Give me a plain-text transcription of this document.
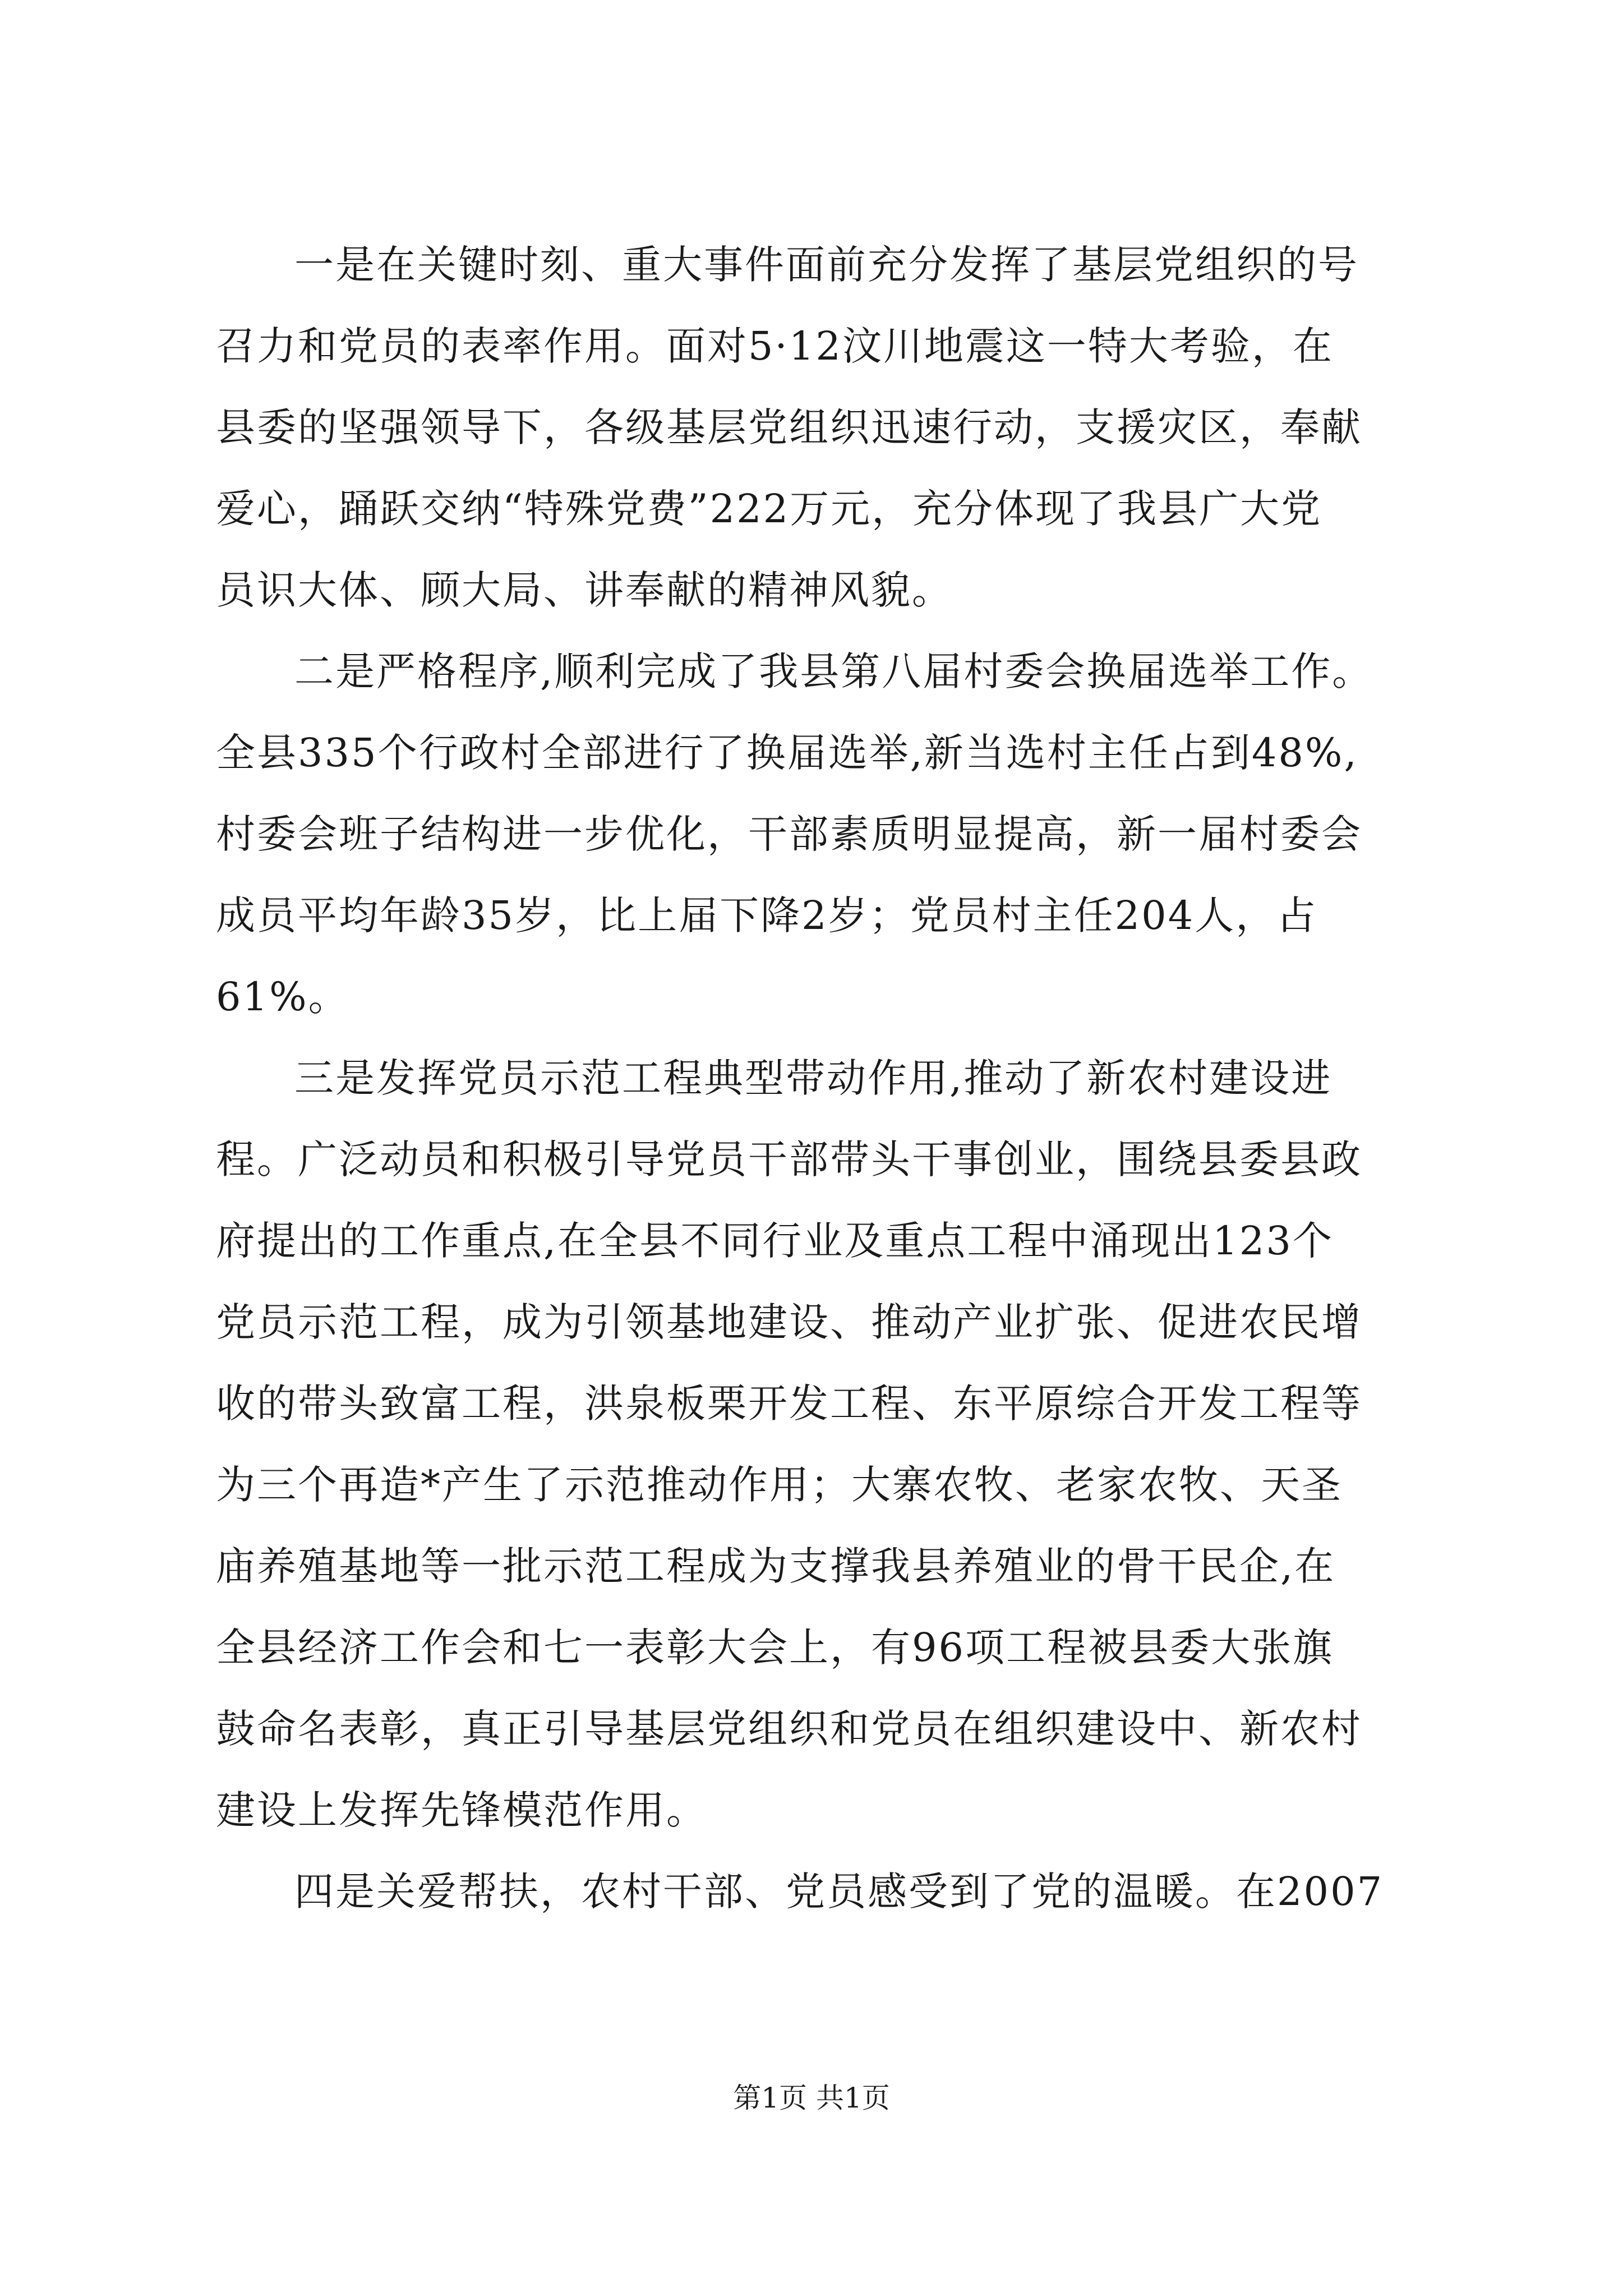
一是在关键时刻、重大事件面前充分发挥了基层党组织的号
召力和党员的表率作用。面对5·12汶川地震这一特大考验，在
县委的坚强领导下，各级基层党组织迅速行动，支援灾区，奉献
爱心，踊跃交纳“特殊党费”222万元，充分体现了我县广大党
员识大体、顾大局、讲奉献的精神风貌。
二是严格程序,顺利完成了我县第八届村委会换届选举工作。
全县335个行政村全部进行了换届选举,新当选村主任占到48%,
村委会班子结构进一步优化，干部素质明显提高，新一届村委会
成员平均年龄35岁，比上届下降2岁；党员村主任204人，占
61%。
三是发挥党员示范工程典型带动作用,推动了新农村建设进
程。广泛动员和积极引导党员干部带头干事创业，围绕县委县政
府提出的工作重点,在全县不同行业及重点工程中涌现出123个
党员示范工程，成为引领基地建设、推动产业扩张、促进农民增
收的带头致富工程，洪泉板栗开发工程、东平原综合开发工程等
为三个再造*产生了示范推动作用；大寨农牧、老家农牧、天圣
庙养殖基地等一批示范工程成为支撑我县养殖业的骨干民企,在
全县经济工作会和七一表彰大会上，有96项工程被县委大张旗
鼓命名表彰，真正引导基层党组织和党员在组织建设中、新农村
建设上发挥先锋模范作用。
四是关爱帮扶，农村干部、党员感受到了党的温暖。在2007
第1页 共1页
